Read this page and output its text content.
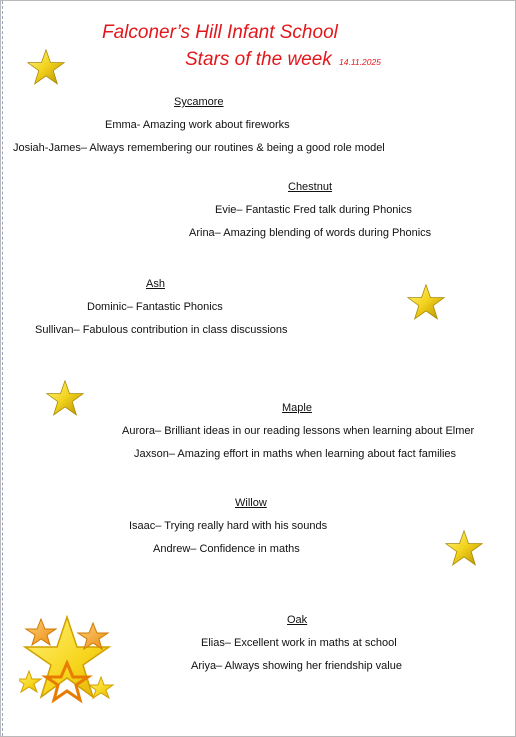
Falconer’s Hill Infant School
Stars of the week 14.11.2025
Sycamore
Emma- Amazing work about fireworks
Josiah-James– Always remembering our routines & being a good role model
Chestnut
Evie– Fantastic Fred talk during Phonics
Arina– Amazing blending of words during Phonics
Ash
Dominic– Fantastic Phonics
Sullivan– Fabulous contribution in class discussions
Maple
Aurora– Brilliant ideas in our reading lessons when learning about Elmer
Jaxson– Amazing effort in maths when learning about fact families
Willow
Isaac– Trying really hard with his sounds
Andrew– Confidence in maths
Oak
Elias– Excellent work in maths at school
Ariya– Always showing her friendship value
